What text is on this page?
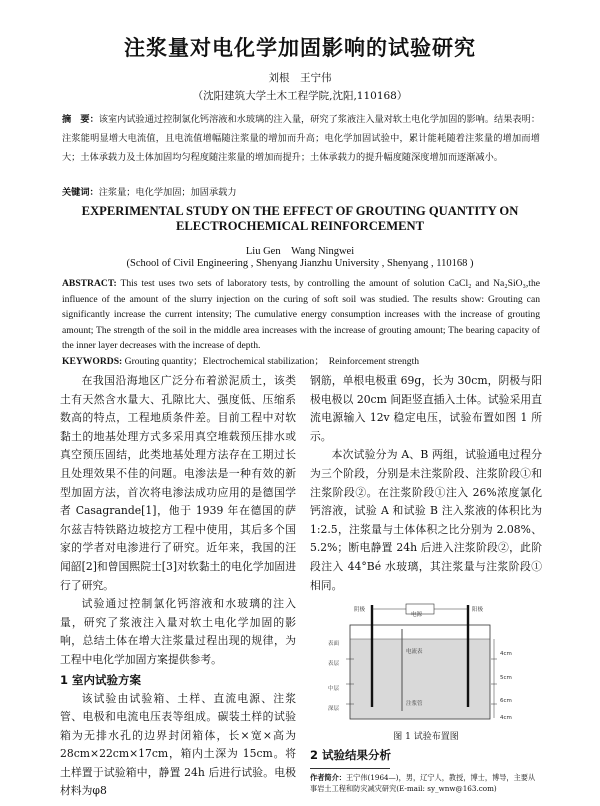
注浆量对电化学加固影响的试验研究
刘根　王宁伟
（沈阳建筑大学土木工程学院,沈阳,110168）
摘　要：该室内试验通过控制氯化钙溶液和水玻璃的注入量，研究了浆液注入量对软土电化学加固的影响。结果表明：注浆能明显增大电流值，且电流值增幅随注浆量的增加而升高；电化学加固试验中，累计能耗随着注浆量的增加而增大；土体承载力及土体加固均匀程度随注浆量的增加而提升；土体承载力的提升幅度随深度增加而逐渐减小。
关键词：注浆量；电化学加固；加固承载力
EXPERIMENTAL STUDY ON THE EFFECT OF GROUTING QUANTITY ON ELECTROCHEMICAL REINFORCEMENT
Liu Gen　Wang Ningwei
(School of Civil Engineering , Shenyang Jianzhu University , Shenyang , 110168 )
ABSTRACT: This test uses two sets of laboratory tests, by controlling the amount of solution CaCl₂ and Na₂SiO₃,the influence of the amount of the slurry injection on the curing of soft soil was studied. The results show: Grouting can significantly increase the current intensity; The cumulative energy consumption increases with the increase of grouting amount; The strength of the soil in the middle area increases with the increase of grouting amount; The bearing capacity of the inner layer decreases with the increase of depth.
KEYWORDS: Grouting quantity；Electrochemical stabilization；　Reinforcement strength

在我国沿海地区广泛分布着淤泥质土，该类土有天然含水量大、孔隙比大、强度低、压缩系数高的特点，工程地质条件差。目前工程中对软黏土的地基处理方式多采用真空堆载预压排水或真空预压固结，此类地基处理方法存在工期过长且处理效果不佳的问题。电渗法是一种有效的新型加固方法，首次将电渗法成功应用的是德国学者 Casagrande[1]，他于 1939 年在德国的萨尔兹吉特铁路边坡挖方工程中使用，其后多个国家的学者对电渗进行了研究。近年来，我国的汪闻韶[2]和曾国熙院士[3]对软黏土的电化学加固进行了研究。

试验通过控制氯化钙溶液和水玻璃的注入量，研究了浆液注入量对软土电化学加固的影响，总结土体在增大注浆量过程出现的规律，为工程中电化学加固方案提供参考。

1 室内试验方案

该试验由试验箱、土样、直流电源、注浆管、电极和电流电压表等组成。碳装土样的试验箱为无排水孔的边界封闭箱体，长×宽×高为 28cm×22cm×17cm，箱内土深为 15cm。将土样置于试验箱中，静置 24h 后进行试验。电极材料为φ8

钢筋，单根电极重 69g，长为 30cm，阴极与阳极电极以 20cm 间距竖直插入土体。试验采用直流电源输入 12v 稳定电压，试验布置如图 1 所示。

本次试验分为 A、B 两组，试验通电过程分为三个阶段，分别是未注浆阶段、注浆阶段①和注浆阶段②。在注浆阶段①注入 26%浓度氯化钙溶液，试验 A 和试验 B 注入浆液的体积比为 1:2.5，注浆量与土体体积之比分别为 2.08%、5.2%；断电静置 24h 后进入注浆阶段②，此阶段注入 44°Bé 水玻璃，其注浆量与注浆阶段①相同。

阴极	阳极
电源
表面
表层
中层
深层
4cm
5cm
6cm
4cm
注浆管
电流表
图 1 试验布置图
2 试验结果分析
作者简介：王宁伟(1964—)，男，辽宁人，教授，博士，博导，主要从事岩土工程和防灾减灾研究(E-mail: sy_wnw@163.com)
